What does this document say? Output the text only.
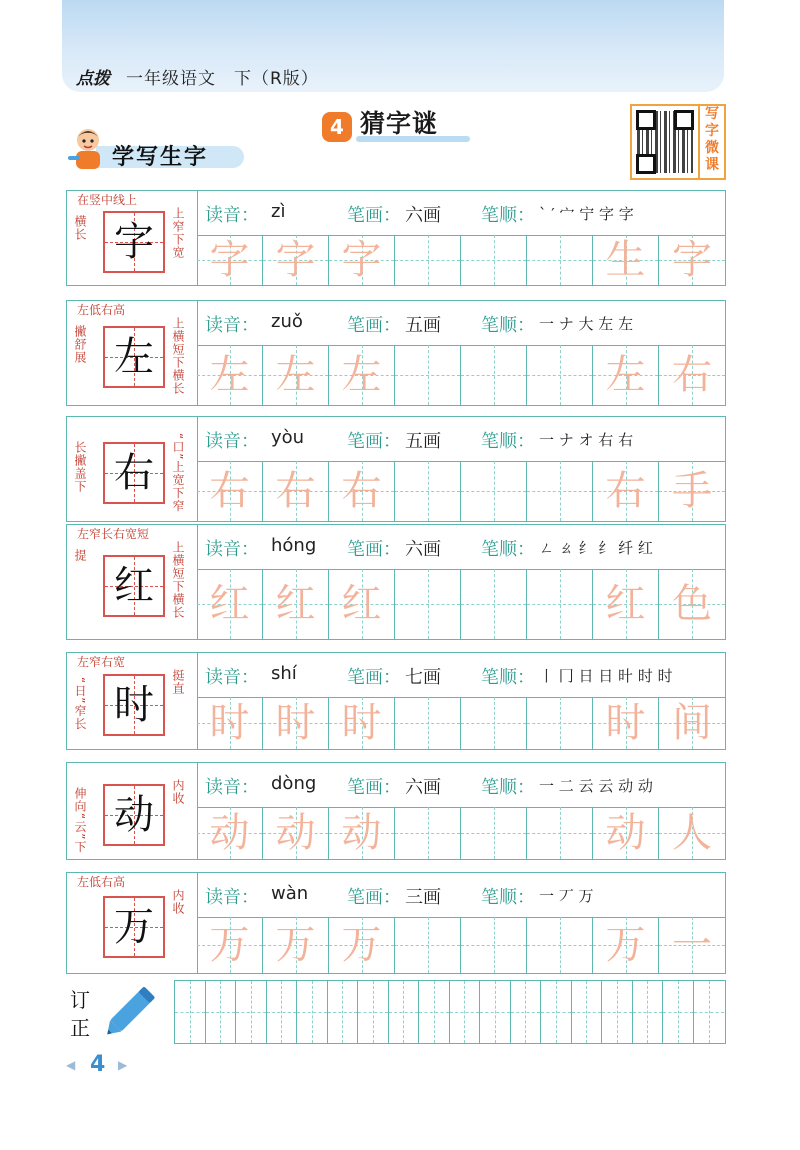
点拨 一年级语文　下（R版）
4 猜字谜	写字微课
学写生字
字
在竖中线上
横长	上窄下宽 读音： zì	笔画： 六画 笔顺： ` ′ 宀 宁 字 字
字 字 字	生 字
左
左低右高
撇舒展	上横短下横长 读音： zuǒ 笔画： 五画 笔顺： 一 ナ 大 左 左
左 左 左	左 右
右
长撇盖下	“口”上宽下窄 读音： yòu 笔画： 五画 笔顺： 一 ナ オ 右 右
右 右 右	右 手
红
左窄长右宽短
提	上横短下横长 读音： hóng 笔画： 六画 笔顺： ㄥ ㄠ 纟 纟 纤 红
红 红 红	红 色
时
左窄右宽
“日”窄长	挺直 读音： shí	笔画： 七画 笔顺： 丨 冂 日 日 旪 时 时
时 时 时	时 间
动
伸向“云”下	内收 读音： dòng 笔画： 六画 笔顺： 一 二 云 云 动 动
动 动 动	动 人
万
左低右高
内收 读音： wàn 笔画： 三画 笔顺： 一 丆 万
万 万 万	万 一
订正
◀ 4 ▶
